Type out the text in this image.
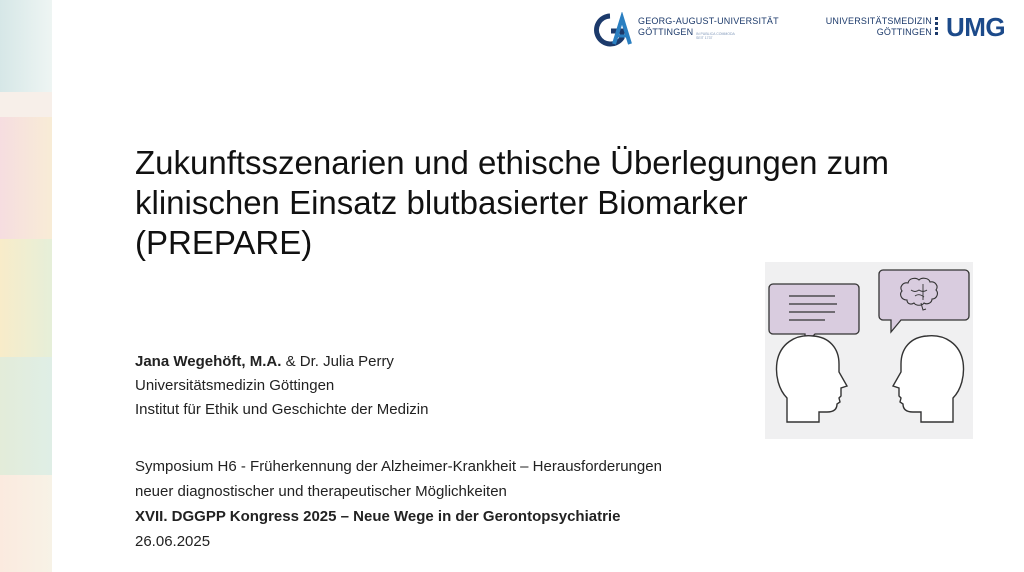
GEORG-AUGUST-UNIVERSITÄT
GÖTTINGEN IN PUBLICA COMMODA SEIT 1737
UNIVERSITÄTSMEDIZIN
GÖTTINGEN UMG
Zukunftsszenarien und ethische Überlegungen zum
klinischen Einsatz blutbasierter Biomarker
(PREPARE)
Jana Wegehöft, M.A. & Dr. Julia Perry
Universitätsmedizin Göttingen
Institut für Ethik und Geschichte der Medizin
Symposium H6 - Früherkennung der Alzheimer-Krankheit – Herausforderungen
neuer diagnostischer und therapeutischer Möglichkeiten
XVII. DGGPP Kongress 2025 – Neue Wege in der Gerontopsychiatrie
26.06.2025
